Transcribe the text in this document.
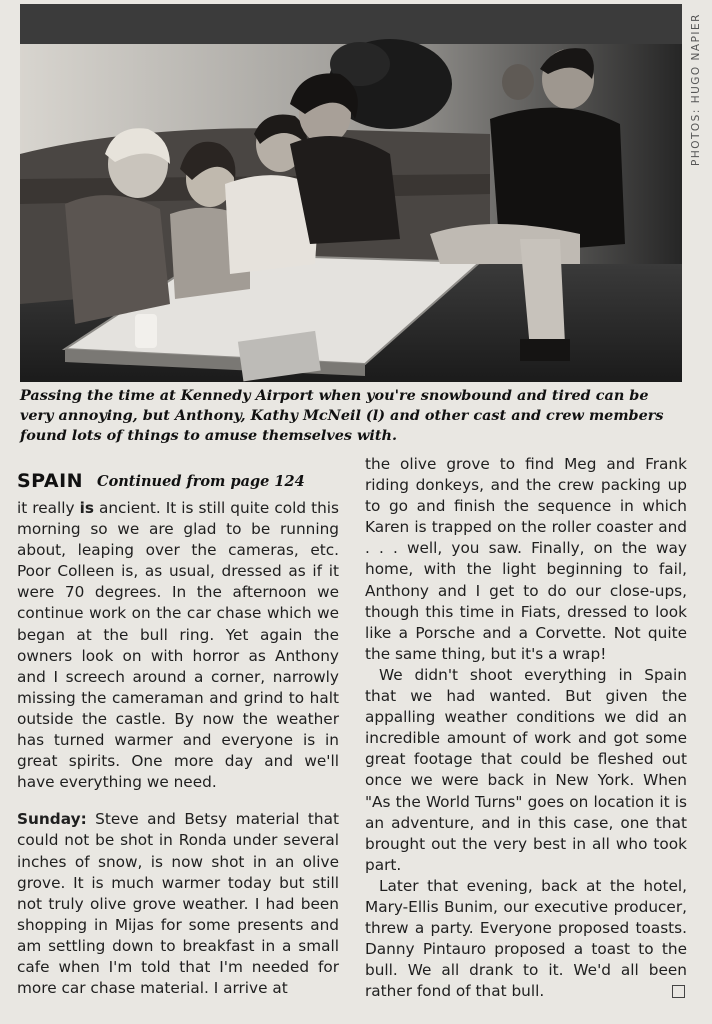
PHOTOS: HUGO NAPIER
Passing the time at Kennedy Airport when you're snowbound and tired can be very annoying, but Anthony, Kathy McNeil (l) and other cast and crew members found lots of things to amuse themselves with.
SPAIN Continued from page 124

it really is ancient. It is still quite cold this morning so we are glad to be running about, leaping over the cameras, etc. Poor Colleen is, as usual, dressed as if it were 70 degrees. In the afternoon we continue work on the car chase which we began at the bull ring. Yet again the owners look on with horror as Anthony and I screech around a corner, narrowly missing the cameraman and grind to halt outside the castle. By now the weather has turned warmer and everyone is in great spirits. One more day and we'll have everything we need.

Sunday: Steve and Betsy material that could not be shot in Ronda under several inches of snow, is now shot in an olive grove. It is much warmer today but still not truly olive grove weather. I had been shopping in Mijas for some presents and am settling down to breakfast in a small cafe when I'm told that I'm needed for more car chase material. I arrive at

the olive grove to find Meg and Frank riding donkeys, and the crew packing up to go and finish the sequence in which Karen is trapped on the roller coaster and . . . well, you saw. Finally, on the way home, with the light beginning to fail, Anthony and I get to do our close-ups, though this time in Fiats, dressed to look like a Porsche and a Corvette. Not quite the same thing, but it's a wrap!

We didn't shoot everything in Spain that we had wanted. But given the appalling weather conditions we did an incredible amount of work and got some great footage that could be fleshed out once we were back in New York. When "As the World Turns" goes on location it is an adventure, and in this case, one that brought out the very best in all who took part.

Later that evening, back at the hotel, Mary-Ellis Bunim, our executive producer, threw a party. Everyone proposed toasts. Danny Pintauro proposed a toast to the bull. We all drank to it. We'd all been rather fond of that bull.
